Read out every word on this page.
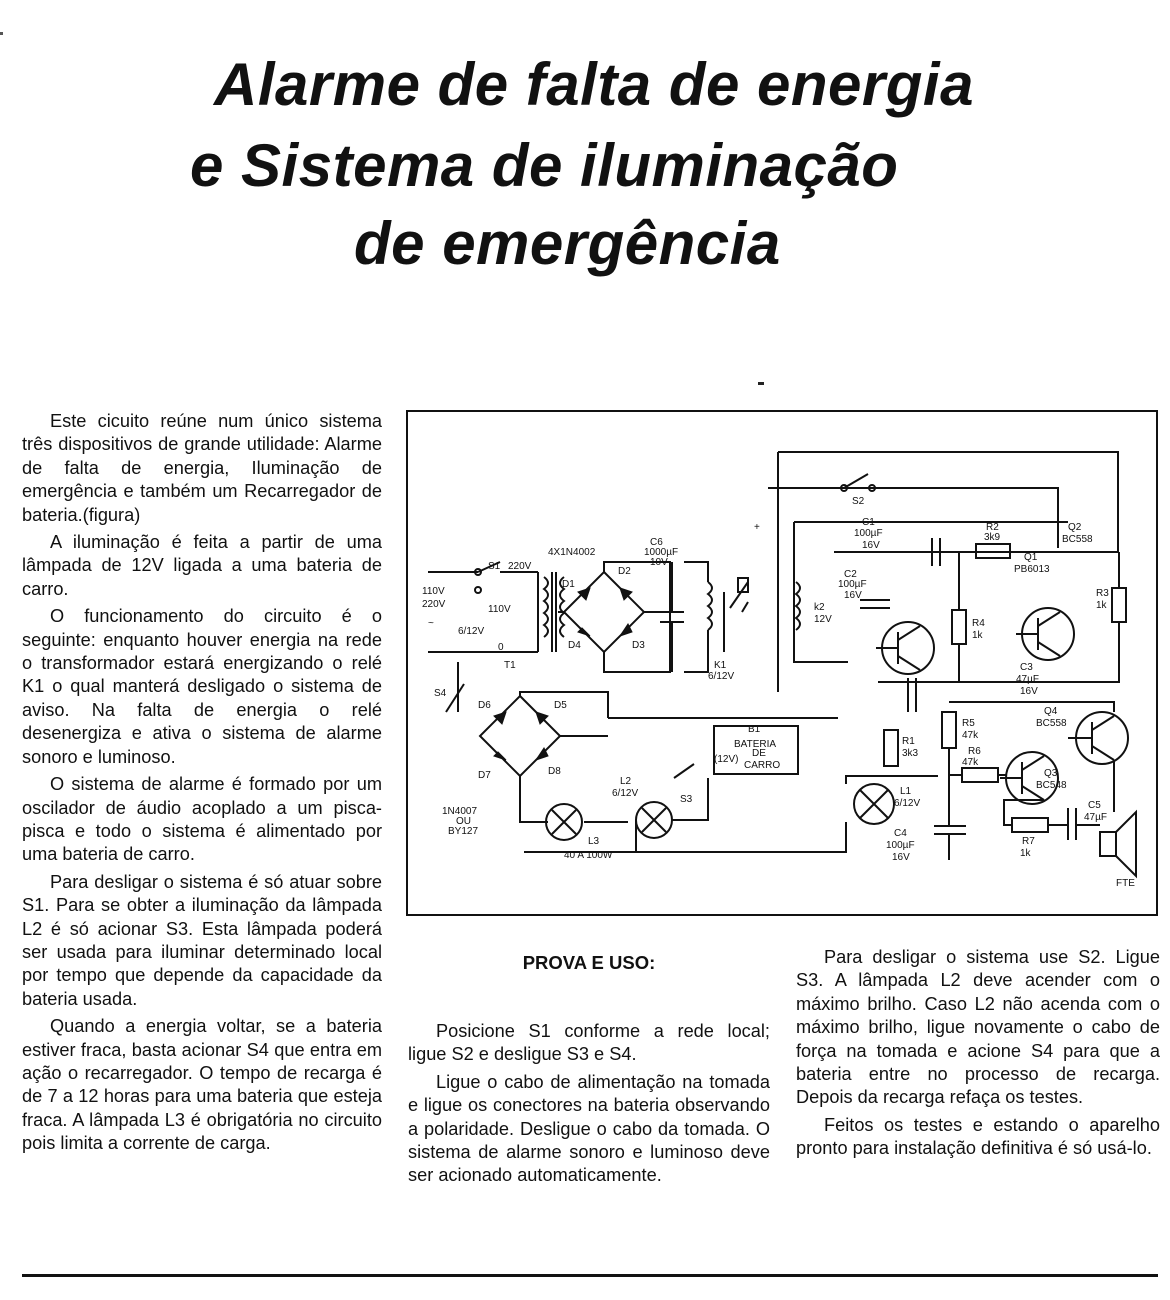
Alarme de falta de energia
e Sistema de iluminação
de emergência

Este cicuito reúne num único sistema três dispositivos de grande utilidade: Alarme de falta de energia, Iluminação de emergência e também um Recarregador de bateria.(figura)

A iluminação é feita a partir de uma lâmpada de 12V ligada a uma bateria de carro.

O funcionamento do circuito é o seguinte: enquanto houver energia na rede o transformador estará energizando o relé K1 o qual manterá desligado o sistema de aviso. Na falta de energia o relé desenergiza e ativa o sistema de alarme sonoro e luminoso.

O sistema de alarme é formado por um oscilador de áudio acoplado a um pisca-pisca e todo o sistema é alimentado por uma bateria de carro.

Para desligar o sistema é só atuar sobre S1. Para se obter a iluminação da lâmpada L2 é só acionar S3. Esta lâmpada poderá ser usada para iluminar determinado local por tempo que depende da capacidade da bateria usada.

Quando a energia voltar, se a bateria estiver fraca, basta acionar S4 que entra em ação o recarregador. O tempo de recarga é de 7 a 12 horas para uma bateria que esteja fraca. A lâmpada L3 é obrigatória no circuito pois limita a corrente de carga.

110V
220V
~
S1 220V
110V
6/12V
0
T1
4X1N4002
D1
D2
D3
D4
C6
1000µF
10V
K1
6/12V
S2
+
k2
12V
C1
100µF
16V
R2
3k9
C2
100µF
16V
Q1
PB6013
Q2
BC558
R3
1k
R4
1k
C3
47µF
16V
S4
D6	D5
D7	D8
1N4007
OU
BY127
B1
BATERIA
DE
CARRO
(12V)
L3
40 A 100W
L2
6/12V
S3
L1
6/12V
R1
3k3
R5
47k
R6
47k
Q4
BC558
Q3
BC548
C4
100µF
16V
R7
1k
C5
47µF
FTE
PROVA E USO:

Posicione S1 conforme a rede local; ligue S2 e desligue S3 e S4.

Ligue o cabo de alimentação na tomada e ligue os conectores na bateria observando a polaridade. Desligue o cabo da tomada. O sistema de alarme sonoro e luminoso deve ser acionado automaticamente.

Para desligar o sistema use S2. Ligue S3. A lâmpada L2 deve acender com o máximo brilho. Caso L2 não acenda com o máximo brilho, ligue novamente o cabo de força na tomada e acione S4 para que a bateria entre no processo de recarga. Depois da recarga refaça os testes.

Feitos os testes e estando o aparelho pronto para instalação definitiva é só usá-lo.
